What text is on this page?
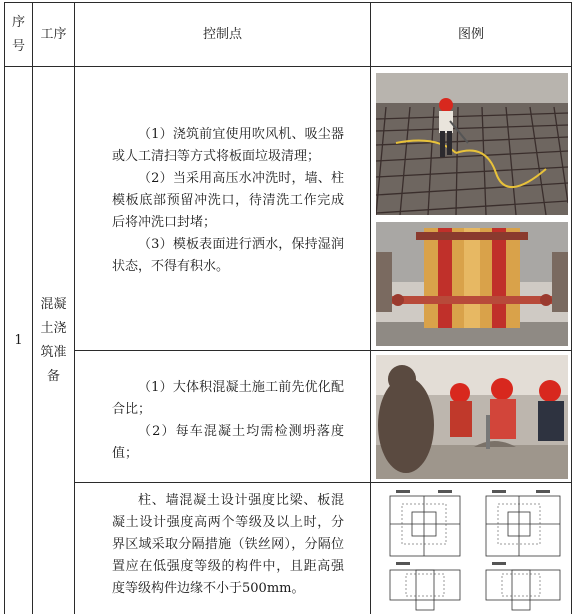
序号
工序	控制点	图例
1
混凝土浇筑准备

（1）浇筑前宜使用吹风机、吸尘器或人工清扫等方式将板面垃圾清理；

（2）当采用高压水冲洗时，墙、柱模板底部预留冲洗口，待清洗工作完成后将冲洗口封堵；

（3）模板表面进行洒水，保持湿润状态，不得有积水。

（1）大体积混凝土施工前先优化配合比；

（2）每车混凝土均需检测坍落度值；

柱、墙混凝土设计强度比梁、板混凝土设计强度高两个等级及以上时，分界区域采取分隔措施（铁丝网），分隔位置应在低强度等级的构件中，且距高强度等级构件边缘不小于500mm。
